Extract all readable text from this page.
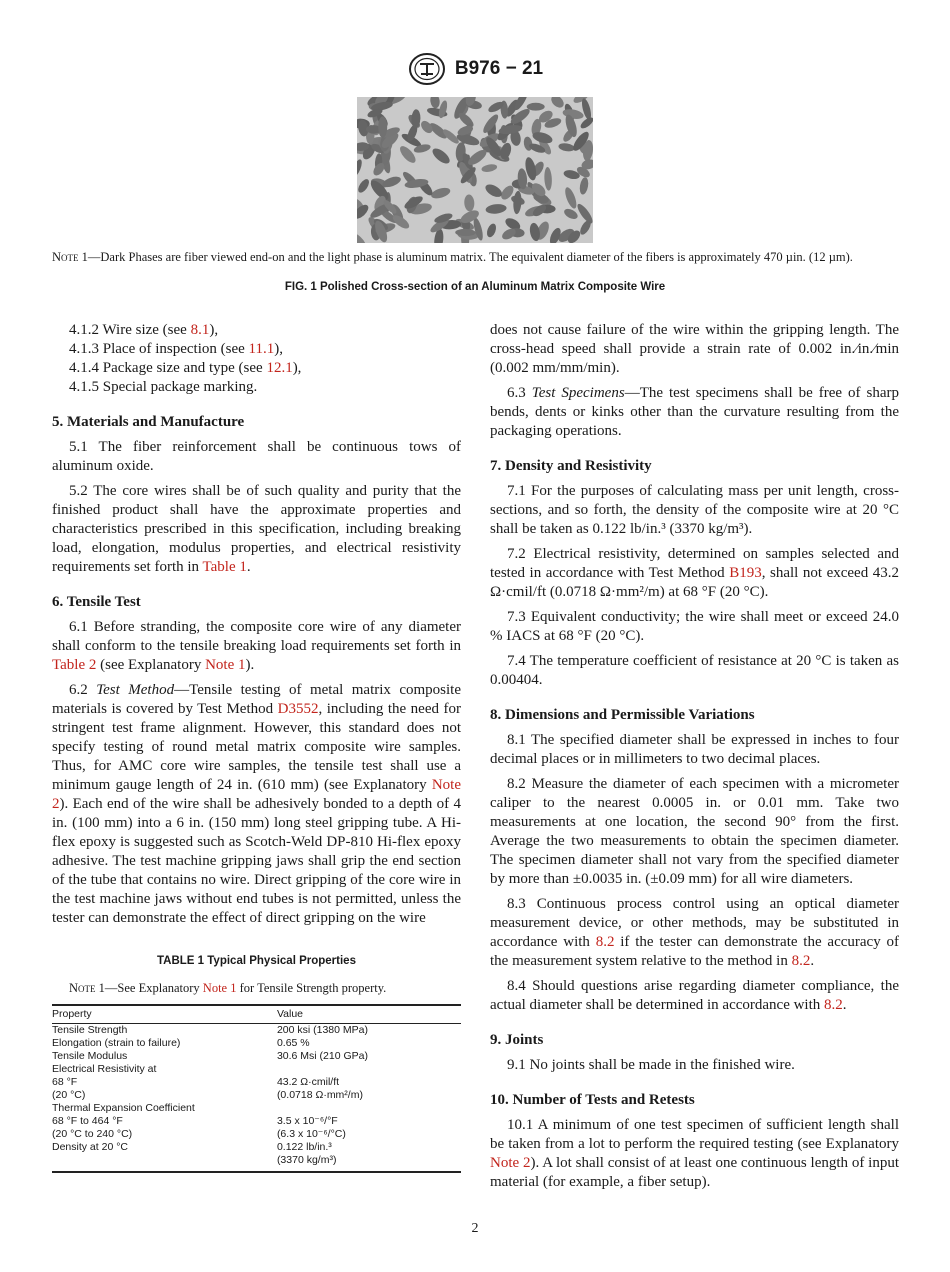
B976 − 21
Note 1—Dark Phases are fiber viewed end-on and the light phase is aluminum matrix. The equivalent diameter of the fibers is approximately 470 µin. (12 µm).
FIG. 1 Polished Cross-section of an Aluminum Matrix Composite Wire

4.1.2 Wire size (see 8.1),

4.1.3 Place of inspection (see 11.1),

4.1.4 Package size and type (see 12.1),

4.1.5 Special package marking.

5. Materials and Manufacture

5.1 The fiber reinforcement shall be continuous tows of aluminum oxide.

5.2 The core wires shall be of such quality and purity that the finished product shall have the approximate properties and characteristics prescribed in this specification, including breaking load, elongation, modulus properties, and electrical resistivity requirements set forth in Table 1.

6. Tensile Test

6.1 Before stranding, the composite core wire of any diameter shall conform to the tensile breaking load requirements set forth in Table 2 (see Explanatory Note 1).

6.2 Test Method—Tensile testing of metal matrix composite materials is covered by Test Method D3552, including the need for stringent test frame alignment. However, this standard does not specify testing of round metal matrix composite wire samples. Thus, for AMC core wire samples, the tensile test shall use a minimum gauge length of 24 in. (610 mm) (see Explanatory Note 2). Each end of the wire shall be adhesively bonded to a depth of 4 in. (100 mm) into a 6 in. (150 mm) long steel gripping tube. A Hi-flex epoxy is suggested such as Scotch-Weld DP-810 Hi-flex epoxy adhesive. The test machine gripping jaws shall grip the end section of the tube that contains no wire. Direct gripping of the core wire in the test machine jaws without end tubes is not permitted, unless the tester can demonstrate the effect of direct gripping on the wire

TABLE 1 Typical Physical Properties

Note 1—See Explanatory Note 1 for Tensile Strength property.

Property	Value
Tensile Strength	200 ksi (1380 MPa)
Elongation (strain to failure)	0.65 %
Tensile Modulus	30.6 Msi (210 GPa)
Electrical Resistivity at	
68 °F	43.2 Ω·cmil/ft
(20 °C)	(0.0718 Ω·mm²/m)
Thermal Expansion Coefficient	
68 °F to 464 °F	3.5 x 10⁻⁶/°F
(20 °C to 240 °C)	(6.3 x 10⁻⁶/°C)
Density at 20 °C	0.122 lb/in.³
	(3370 kg/m³)

does not cause failure of the wire within the gripping length. The cross-head speed shall provide a strain rate of 0.002 in.⁄in.⁄min (0.002 mm/mm/min).

6.3 Test Specimens—The test specimens shall be free of sharp bends, dents or kinks other than the curvature resulting from the packaging operations.

7. Density and Resistivity

7.1 For the purposes of calculating mass per unit length, cross-sections, and so forth, the density of the composite wire at 20 °C shall be taken as 0.122 lb/in.³ (3370 kg/m³).

7.2 Electrical resistivity, determined on samples selected and tested in accordance with Test Method B193, shall not exceed 43.2 Ω·cmil/ft (0.0718 Ω·mm²/m) at 68 °F (20 °C).

7.3 Equivalent conductivity; the wire shall meet or exceed 24.0 % IACS at 68 °F (20 °C).

7.4 The temperature coefficient of resistance at 20 °C is taken as 0.00404.

8. Dimensions and Permissible Variations

8.1 The specified diameter shall be expressed in inches to four decimal places or in millimeters to two decimal places.

8.2 Measure the diameter of each specimen with a micrometer caliper to the nearest 0.0005 in. or 0.01 mm. Take two measurements at one location, the second 90° from the first. Average the two measurements to obtain the specimen diameter. The specimen diameter shall not vary from the specified diameter by more than ±0.0035 in. (±0.09 mm) for all wire diameters.

8.3 Continuous process control using an optical diameter measurement device, or other methods, may be substituted in accordance with 8.2 if the tester can demonstrate the accuracy of the measurement system relative to the method in 8.2.

8.4 Should questions arise regarding diameter compliance, the actual diameter shall be determined in accordance with 8.2.

9. Joints

9.1 No joints shall be made in the finished wire.

10. Number of Tests and Retests

10.1 A minimum of one test specimen of sufficient length shall be taken from a lot to perform the required testing (see Explanatory Note 2). A lot shall consist of at least one continuous length of input material (for example, a fiber setup).

2
